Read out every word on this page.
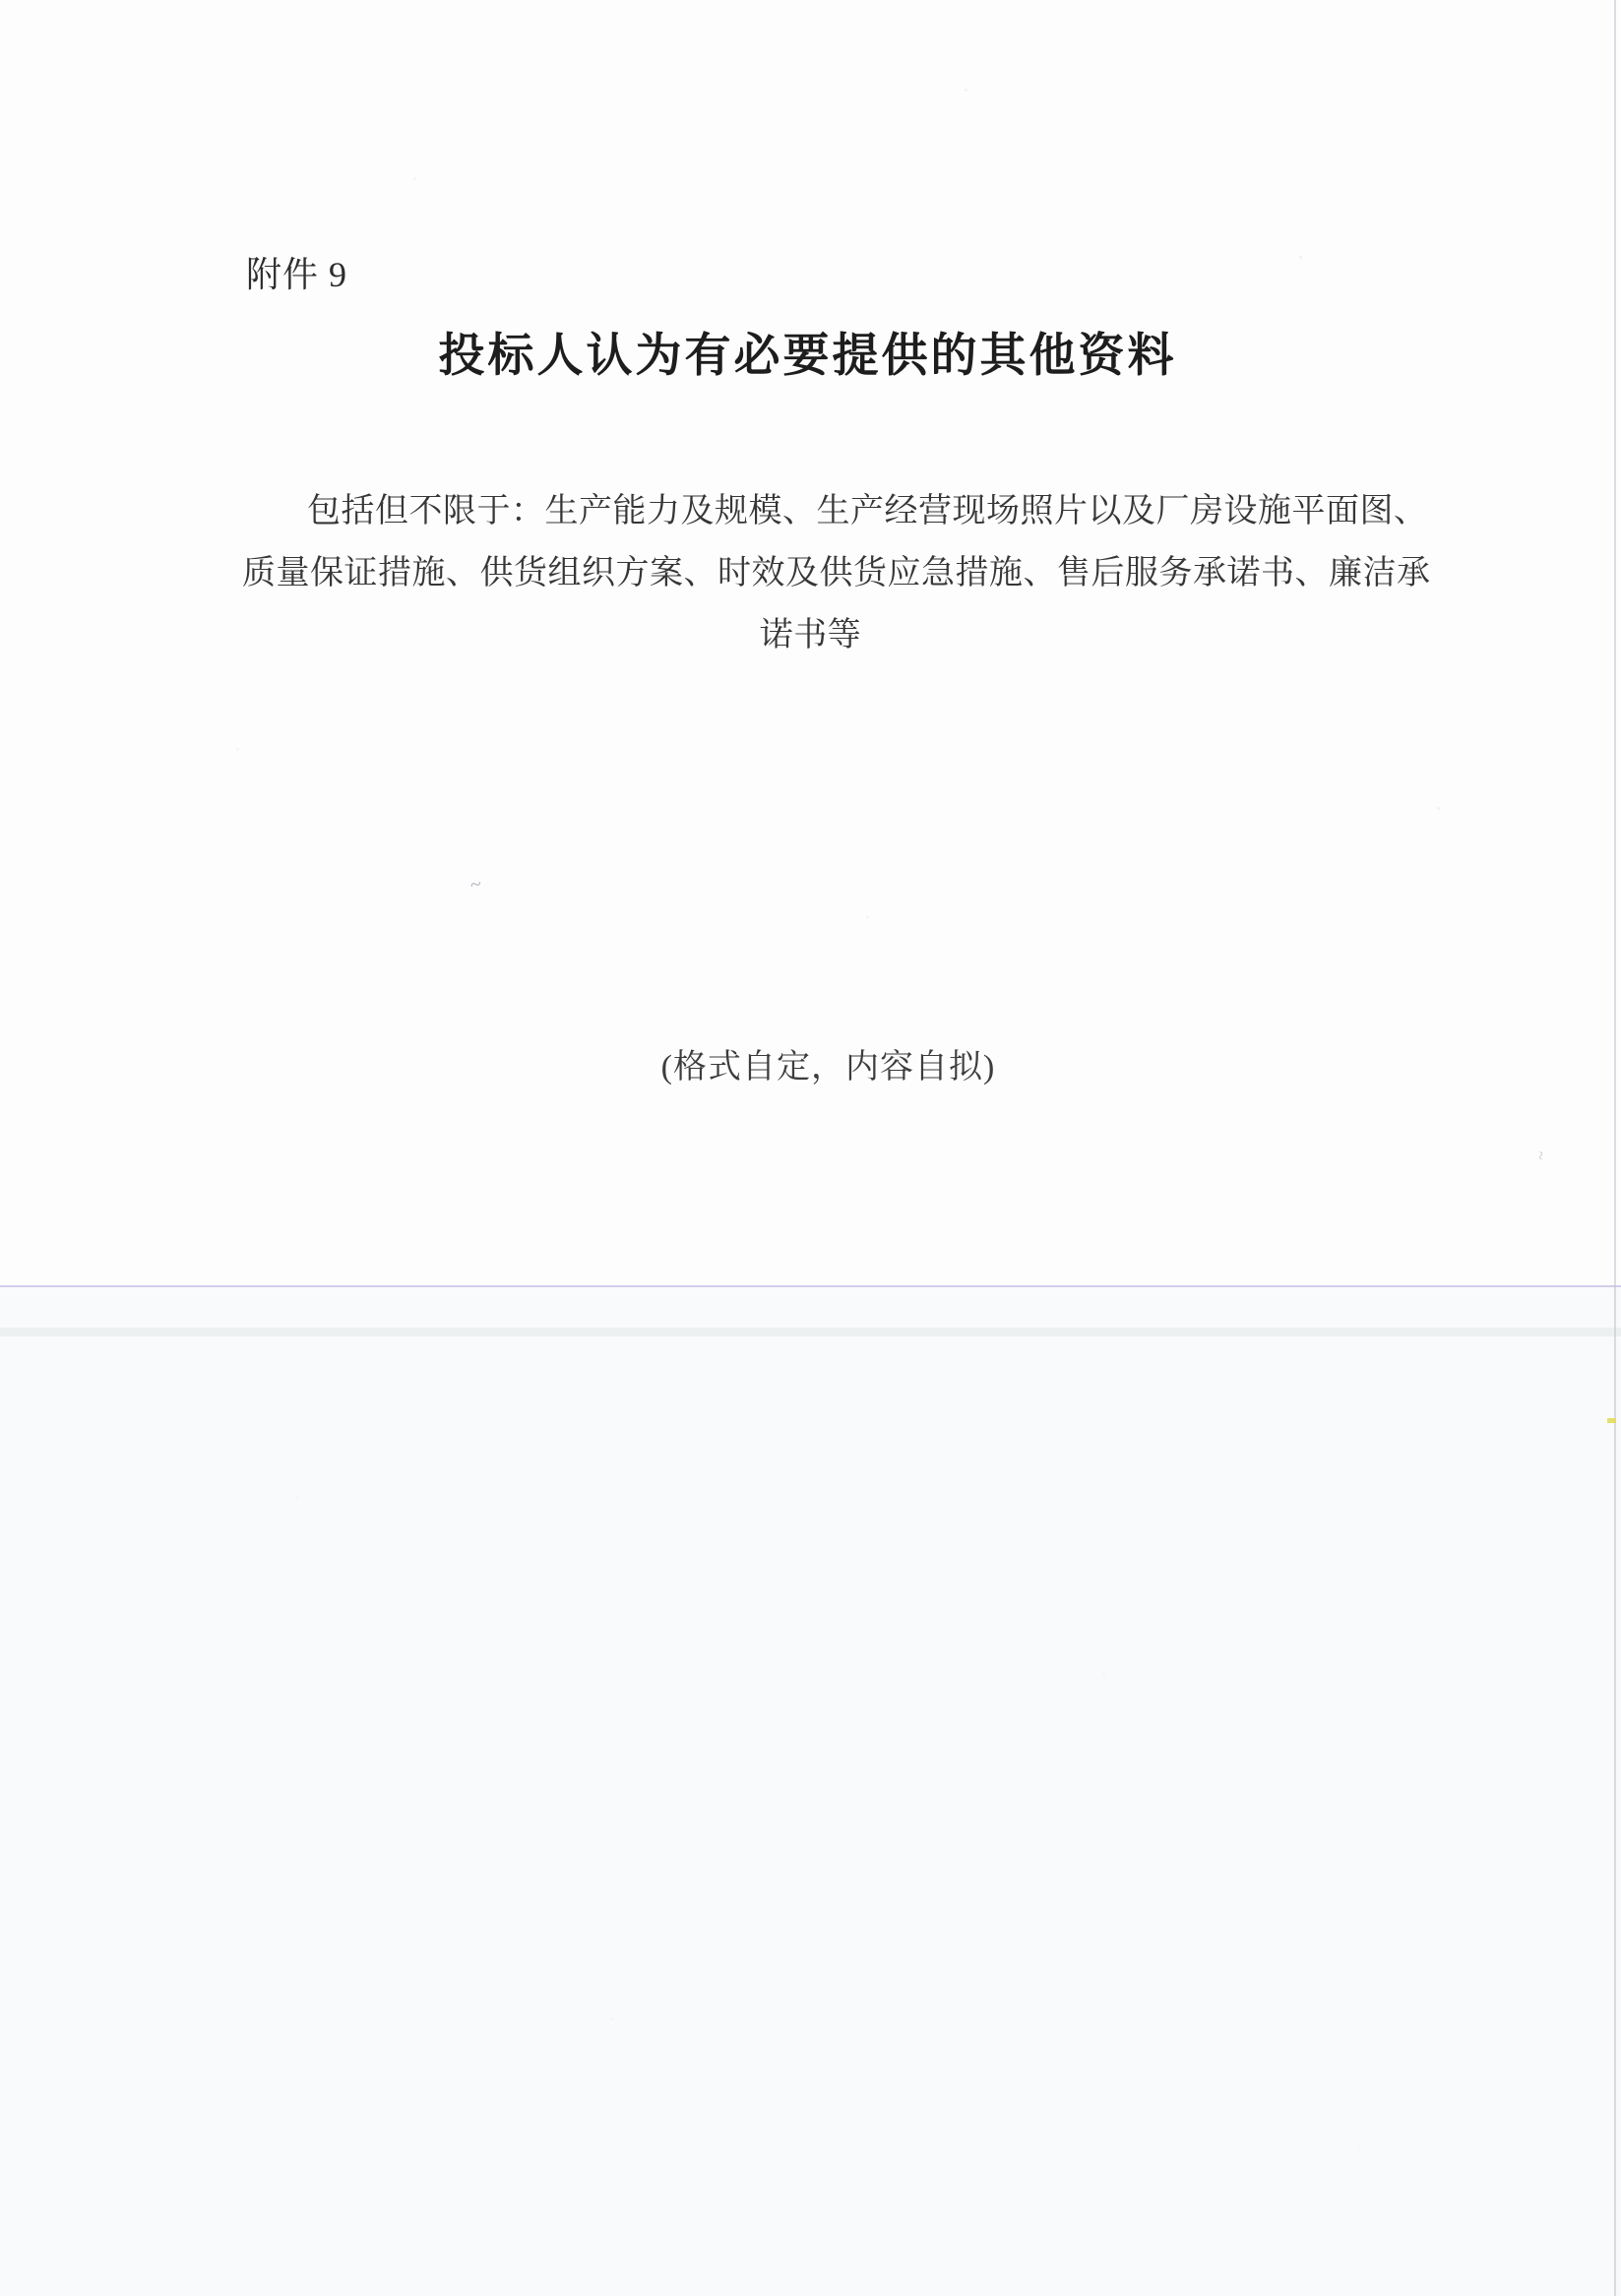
附件 9
投标人认为有必要提供的其他资料
包括但不限于：生产能力及规模、生产经营现场照片以及厂房设施平面图、
质量保证措施、供货组织方案、时效及供货应急措施、售后服务承诺书、廉洁承
诺书等
(格式自定，内容自拟)
~
~
